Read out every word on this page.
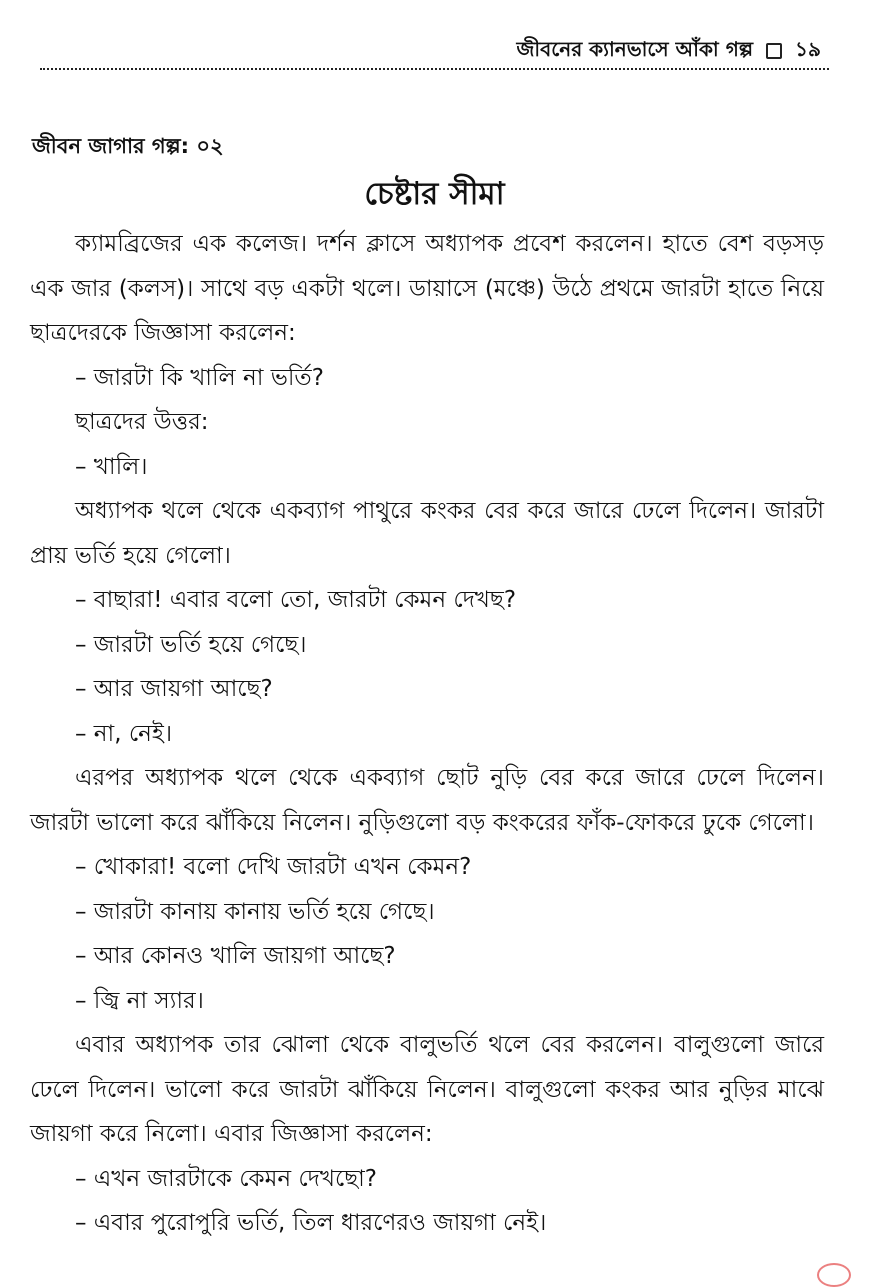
জীবনের ক্যানভাসে আঁকা গল্প ১৯
জীবন জাগার গল্প: ০২
চেষ্টার সীমা

ক্যামব্রিজের এক কলেজ। দর্শন ক্লাসে অধ্যাপক প্রবেশ করলেন। হাতে বেশ বড়সড় এক জার (কলস)। সাথে বড় একটা থলে। ডায়াসে (মঞ্চে) উঠে প্রথমে জারটা হাতে নিয়ে ছাত্রদেরকে জিজ্ঞাসা করলেন:

– জারটা কি খালি না ভর্তি?

ছাত্রদের উত্তর:

– খালি।

অধ্যাপক থলে থেকে একব্যাগ পাথুরে কংকর বের করে জারে ঢেলে দিলেন। জারটা প্রায় ভর্তি হয়ে গেলো।

– বাছারা! এবার বলো তো, জারটা কেমন দেখছ?

– জারটা ভর্তি হয়ে গেছে।

– আর জায়গা আছে?

– না, নেই।

এরপর অধ্যাপক থলে থেকে একব্যাগ ছোট নুড়ি বের করে জারে ঢেলে দিলেন। জারটা ভালো করে ঝাঁকিয়ে নিলেন। নুড়িগুলো বড় কংকরের ফাঁক-ফোকরে ঢুকে গেলো।

– খোকারা! বলো দেখি জারটা এখন কেমন?

– জারটা কানায় কানায় ভর্তি হয়ে গেছে।

– আর কোনও খালি জায়গা আছে?

– জ্বি না স্যার।

এবার অধ্যাপক তার ঝোলা থেকে বালুভর্তি থলে বের করলেন। বালুগুলো জারে ঢেলে দিলেন। ভালো করে জারটা ঝাঁকিয়ে নিলেন। বালুগুলো কংকর আর নুড়ির মাঝে জায়গা করে নিলো। এবার জিজ্ঞাসা করলেন:

– এখন জারটাকে কেমন দেখছো?

– এবার পুরোপুরি ভর্তি, তিল ধারণেরও জায়গা নেই।
